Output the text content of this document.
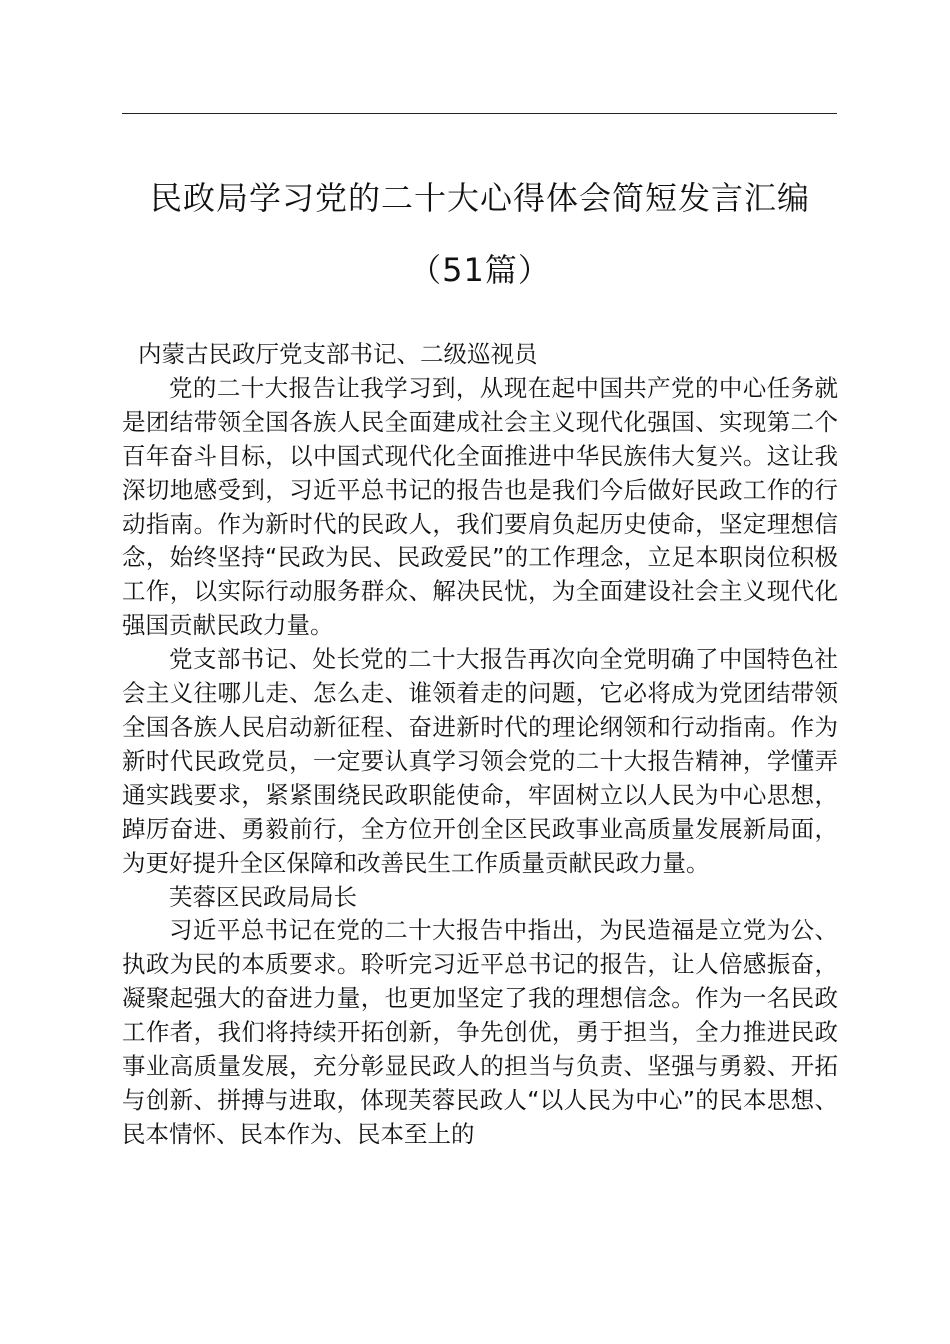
民政局学习党的二十大心得体会简短发言汇编
（51篇）

内蒙古民政厅党支部书记、二级巡视员

党的二十大报告让我学习到，从现在起中国共产党的中心任务就是团结带领全国各族人民全面建成社会主义现代化强国、实现第二个百年奋斗目标，以中国式现代化全面推进中华民族伟大复兴。这让我深切地感受到，习近平总书记的报告也是我们今后做好民政工作的行动指南。作为新时代的民政人，我们要肩负起历史使命，坚定理想信念，始终坚持“民政为民、民政爱民”的工作理念，立足本职岗位积极工作，以实际行动服务群众、解决民忧，为全面建设社会主义现代化强国贡献民政力量。

党支部书记、处长党的二十大报告再次向全党明确了中国特色社会主义往哪儿走、怎么走、谁领着走的问题，它必将成为党团结带领全国各族人民启动新征程、奋进新时代的理论纲领和行动指南。作为新时代民政党员，一定要认真学习领会党的二十大报告精神，学懂弄通实践要求，紧紧围绕民政职能使命，牢固树立以人民为中心思想，踔厉奋进、勇毅前行，全方位开创全区民政事业高质量发展新局面，为更好提升全区保障和改善民生工作质量贡献民政力量。

芙蓉区民政局局长

习近平总书记在党的二十大报告中指出，为民造福是立党为公、执政为民的本质要求。聆听完习近平总书记的报告，让人倍感振奋，凝聚起强大的奋进力量，也更加坚定了我的理想信念。作为一名民政工作者，我们将持续开拓创新，争先创优，勇于担当，全力推进民政事业高质量发展，充分彰显民政人的担当与负责、坚强与勇毅、开拓与创新、拼搏与进取，体现芙蓉民政人“以人民为中心”的民本思想、民本情怀、民本作为、民本至上的
